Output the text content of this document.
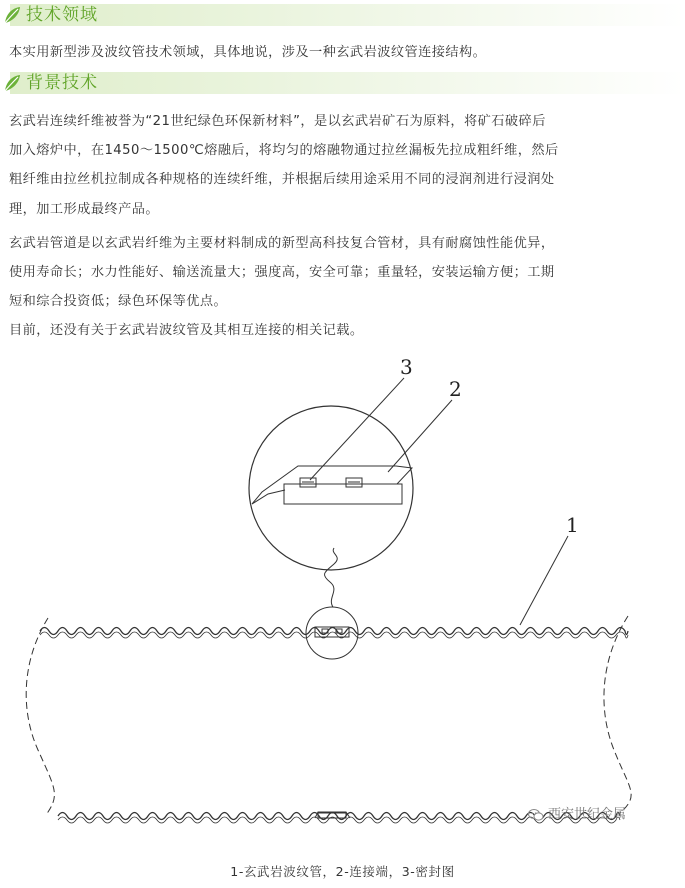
技术领域
本实用新型涉及波纹管技术领域，具体地说，涉及一种玄武岩波纹管连接结构。
背景技术
玄武岩连续纤维被誉为“21世纪绿色环保新材料”，是以玄武岩矿石为原料，将矿石破碎后
加入熔炉中，在1450～1500℃熔融后，将均匀的熔融物通过拉丝漏板先拉成粗纤维，然后
粗纤维由拉丝机拉制成各种规格的连续纤维，并根据后续用途采用不同的浸润剂进行浸润处
理，加工形成最终产品。
玄武岩管道是以玄武岩纤维为主要材料制成的新型高科技复合管材，具有耐腐蚀性能优异，
使用寿命长；水力性能好、输送流量大；强度高，安全可靠；重量轻，安装运输方便；工期
短和综合投资低；绿色环保等优点。
目前，还没有关于玄武岩波纹管及其相互连接的相关记载。
3
2
1
西安世纪金属
1-玄武岩波纹管，2-连接端，3-密封图
